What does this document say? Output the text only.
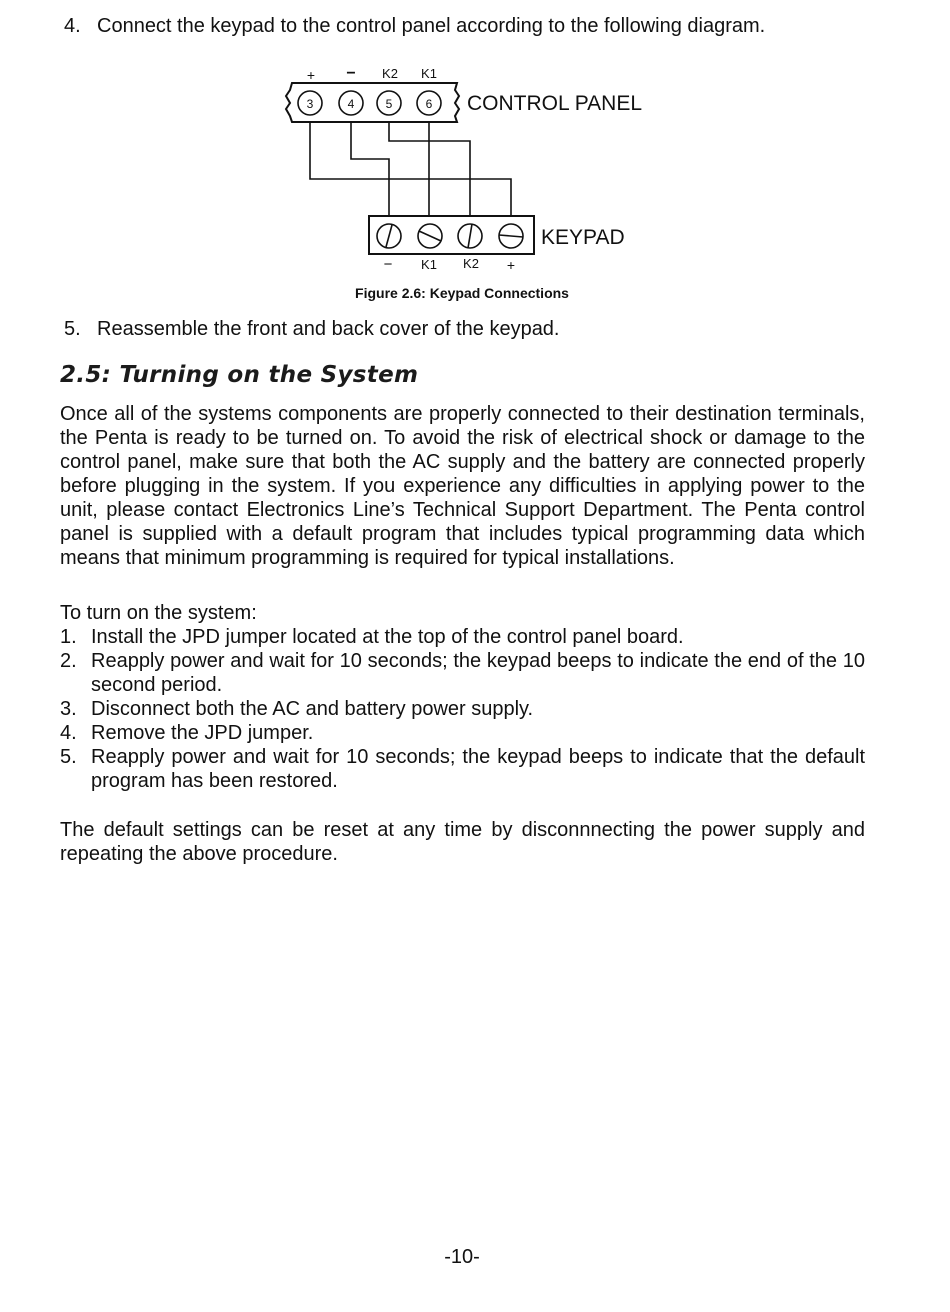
4. Connect the keypad to the control panel according to the following diagram.
3	4	5	6
+ − K2 K1
CONTROL PANEL
− K1 K2 +
KEYPAD
Figure 2.6: Keypad Connections
5. Reassemble the front and back cover of the keypad.
2.5: Turning on the System

Once all of the systems components are properly connected to their destination terminals, the Penta is ready to be turned on. To avoid the risk of electrical shock or damage to the control panel, make sure that both the AC supply and the battery are connected properly before plugging in the system. If you experience any difficulties in applying power to the unit, please contact Electronics Line’s Technical Support Department. The Penta control panel is supplied with a default program that includes typical programming data which means that minimum programming is required for typical installations.

To turn on the system:

1. Install the JPD jumper located at the top of the control panel board.
2. Reapply power and wait for 10 seconds; the keypad beeps to indicate the end of the 10 second period.
3. Disconnect both the AC and battery power supply.
4. Remove the JPD jumper.
5. Reapply power and wait for 10 seconds; the keypad beeps to indicate that the default program has been restored.

The default settings can be reset at any time by disconnnecting the power supply and repeating the above procedure.

-10-
